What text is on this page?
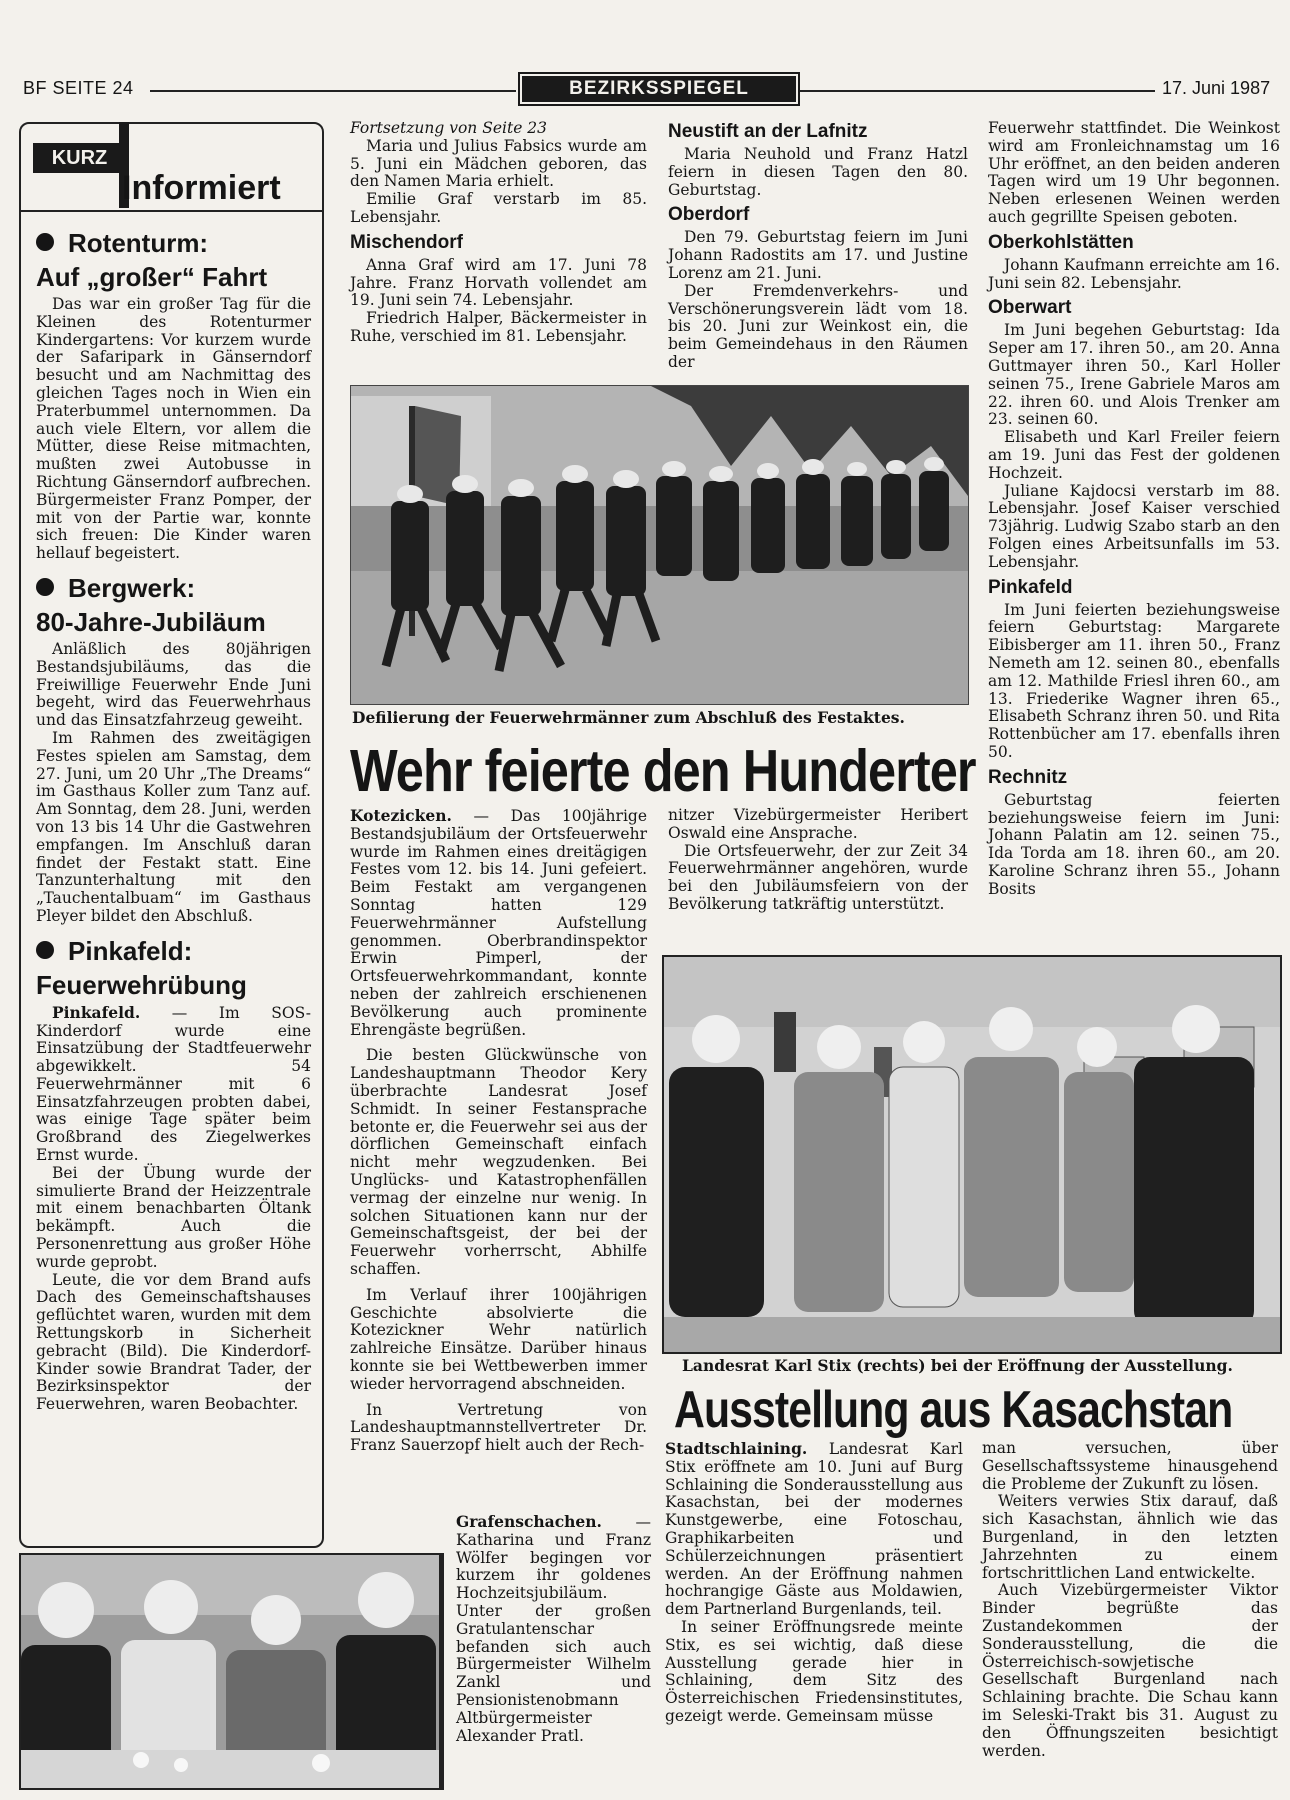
BF SEITE 24	BEZIRKSSPIEGEL	17. Juni 1987
KURZ
Informiert
Rotenturm:
Auf „großer“ Fahrt

Das war ein großer Tag für die Kleinen des Rotenturmer Kindergartens: Vor kurzem wurde der Safaripark in Gänserndorf besucht und am Nachmittag des gleichen Tages noch in Wien ein Praterbummel unternommen. Da auch viele Eltern, vor allem die Mütter, diese Reise mitmachten, mußten zwei Autobusse in Richtung Gänserndorf aufbrechen. Bürgermeister Franz Pomper, der mit von der Partie war, konnte sich freuen: Die Kinder waren hellauf begeistert.

Bergwerk:
80-Jahre-Jubiläum

Anläßlich des 80jährigen Bestandsjubiläums, das die Freiwillige Feuerwehr Ende Juni begeht, wird das Feuerwehrhaus und das Einsatzfahrzeug geweiht.

Im Rahmen des zweitägigen Festes spielen am Samstag, dem 27. Juni, um 20 Uhr „The Dreams“ im Gasthaus Koller zum Tanz auf. Am Sonntag, dem 28. Juni, werden von 13 bis 14 Uhr die Gastwehren empfangen. Im Anschluß daran findet der Festakt statt. Eine Tanzunterhaltung mit den „Tauchentalbuam“ im Gasthaus Pleyer bildet den Abschluß.

Pinkafeld:
Feuerwehrübung

Pinkafeld. — Im SOS-Kinderdorf wurde eine Einsatzübung der Stadtfeuerwehr abgewikkelt. 54 Feuerwehrmänner mit 6 Einsatzfahrzeugen probten dabei, was einige Tage später beim Großbrand des Ziegelwerkes Ernst wurde.

Bei der Übung wurde der simulierte Brand der Heizzentrale mit einem benachbarten Öltank bekämpft. Auch die Personenrettung aus großer Höhe wurde geprobt.

Leute, die vor dem Brand aufs Dach des Gemeinschaftshauses geflüchtet waren, wurden mit dem Rettungskorb in Sicherheit gebracht (Bild). Die Kinderdorf-Kinder sowie Brandrat Tader, der Bezirksinspektor der Feuerwehren, waren Beobachter.

Fortsetzung von Seite 23

Maria und Julius Fabsics wurde am 5. Juni ein Mädchen geboren, das den Namen Maria erhielt.

Emilie Graf verstarb im 85. Lebensjahr.

Mischendorf

Anna Graf wird am 17. Juni 78 Jahre. Franz Horvath vollendet am 19. Juni sein 74. Lebensjahr.

Friedrich Halper, Bäckermeister in Ruhe, verschied im 81. Lebensjahr.

Neustift an der Lafnitz

Maria Neuhold und Franz Hatzl feiern in diesen Tagen den 80. Geburtstag.

Oberdorf

Den 79. Geburtstag feiern im Juni Johann Radostits am 17. und Justine Lorenz am 21. Juni.

Der Fremdenverkehrs- und Verschönerungsverein lädt vom 18. bis 20. Juni zur Weinkost ein, die beim Gemeindehaus in den Räumen der

Feuerwehr stattfindet. Die Weinkost wird am Fronleichnamstag um 16 Uhr eröffnet, an den beiden anderen Tagen wird um 19 Uhr begonnen. Neben erlesenen Weinen werden auch gegrillte Speisen geboten.

Oberkohlstätten

Johann Kaufmann erreichte am 16. Juni sein 82. Lebensjahr.

Oberwart

Im Juni begehen Geburtstag: Ida Seper am 17. ihren 50., am 20. Anna Guttmayer ihren 50., Karl Holler seinen 75., Irene Gabriele Maros am 22. ihren 60. und Alois Trenker am 23. seinen 60.

Elisabeth und Karl Freiler feiern am 19. Juni das Fest der goldenen Hochzeit.

Juliane Kajdocsi verstarb im 88. Lebensjahr. Josef Kaiser verschied 73jährig. Ludwig Szabo starb an den Folgen eines Arbeitsunfalls im 53. Lebensjahr.

Pinkafeld

Im Juni feierten beziehungsweise feiern Geburtstag: Margarete Eibisberger am 11. ihren 50., Franz Nemeth am 12. seinen 80., ebenfalls am 12. Mathilde Friesl ihren 60., am 13. Friederike Wagner ihren 65., Elisabeth Schranz ihren 50. und Rita Rottenbücher am 17. ebenfalls ihren 50.

Rechnitz

Geburtstag feierten beziehungsweise feiern im Juni: Johann Palatin am 12. seinen 75., Ida Torda am 18. ihren 60., am 20. Karoline Schranz ihren 55., Johann Bosits

Defilierung der Feuerwehrmänner zum Abschluß des Festaktes.
Wehr feierte den Hunderter

Kotezicken. — Das 100jährige Bestandsjubiläum der Ortsfeuerwehr wurde im Rahmen eines dreitägigen Festes vom 12. bis 14. Juni gefeiert. Beim Festakt am vergangenen Sonntag hatten 129 Feuerwehrmänner Aufstellung genommen. Oberbrandinspektor Erwin Pimperl, der Ortsfeuerwehrkommandant, konnte neben der zahlreich erschienenen Bevölkerung auch prominente Ehrengäste begrüßen.

Die besten Glückwünsche von Landeshauptmann Theodor Kery überbrachte Landesrat Josef Schmidt. In seiner Festansprache betonte er, die Feuerwehr sei aus der dörflichen Gemeinschaft einfach nicht mehr wegzudenken. Bei Unglücks- und Katastrophenfällen vermag der einzelne nur wenig. In solchen Situationen kann nur der Gemeinschaftsgeist, der bei der Feuerwehr vorherrscht, Abhilfe schaffen.

Im Verlauf ihrer 100jährigen Geschichte absolvierte die Kotezickner Wehr natürlich zahlreiche Einsätze. Darüber hinaus konnte sie bei Wettbewerben immer wieder hervorragend abschneiden.

In Vertretung von Landeshauptmannstellvertreter Dr. Franz Sauerzopf hielt auch der Rech-

nitzer Vizebürgermeister Heribert Oswald eine Ansprache.

Die Ortsfeuerwehr, der zur Zeit 34 Feuerwehrmänner angehören, wurde bei den Jubiläumsfeiern von der Bevölkerung tatkräftig unterstützt.

Landesrat Karl Stix (rechts) bei der Eröffnung der Ausstellung.
Ausstellung aus Kasachstan

Stadtschlaining. Landesrat Karl Stix eröffnete am 10. Juni auf Burg Schlaining die Sonderausstellung aus Kasachstan, bei der modernes Kunstgewerbe, eine Fotoschau, Graphikarbeiten und Schülerzeichnungen präsentiert werden. An der Eröffnung nahmen hochrangige Gäste aus Moldawien, dem Partnerland Burgenlands, teil.

In seiner Eröffnungsrede meinte Stix, es sei wichtig, daß diese Ausstellung gerade hier in Schlaining, dem Sitz des Österreichischen Friedensinstitutes, gezeigt werde. Gemeinsam müsse

man versuchen, über Gesellschaftssysteme hinausgehend die Probleme der Zukunft zu lösen.

Weiters verwies Stix darauf, daß sich Kasachstan, ähnlich wie das Burgenland, in den letzten Jahrzehnten zu einem fortschrittlichen Land entwickelte.

Auch Vizebürgermeister Viktor Binder begrüßte das Zustandekommen der Sonderausstellung, die die Österreichisch-sowjetische Gesellschaft Burgenland nach Schlaining brachte. Die Schau kann im Seleski-Trakt bis 31. August zu den Öffnungszeiten besichtigt werden.

Grafenschachen. — Katharina und Franz Wölfer begingen vor kurzem ihr goldenes Hochzeitsjubiläum. Unter der großen Gratulantenschar befanden sich auch Bürgermeister Wilhelm Zankl und Pensionistenobmann Altbürgermeister Alexander Pratl.
